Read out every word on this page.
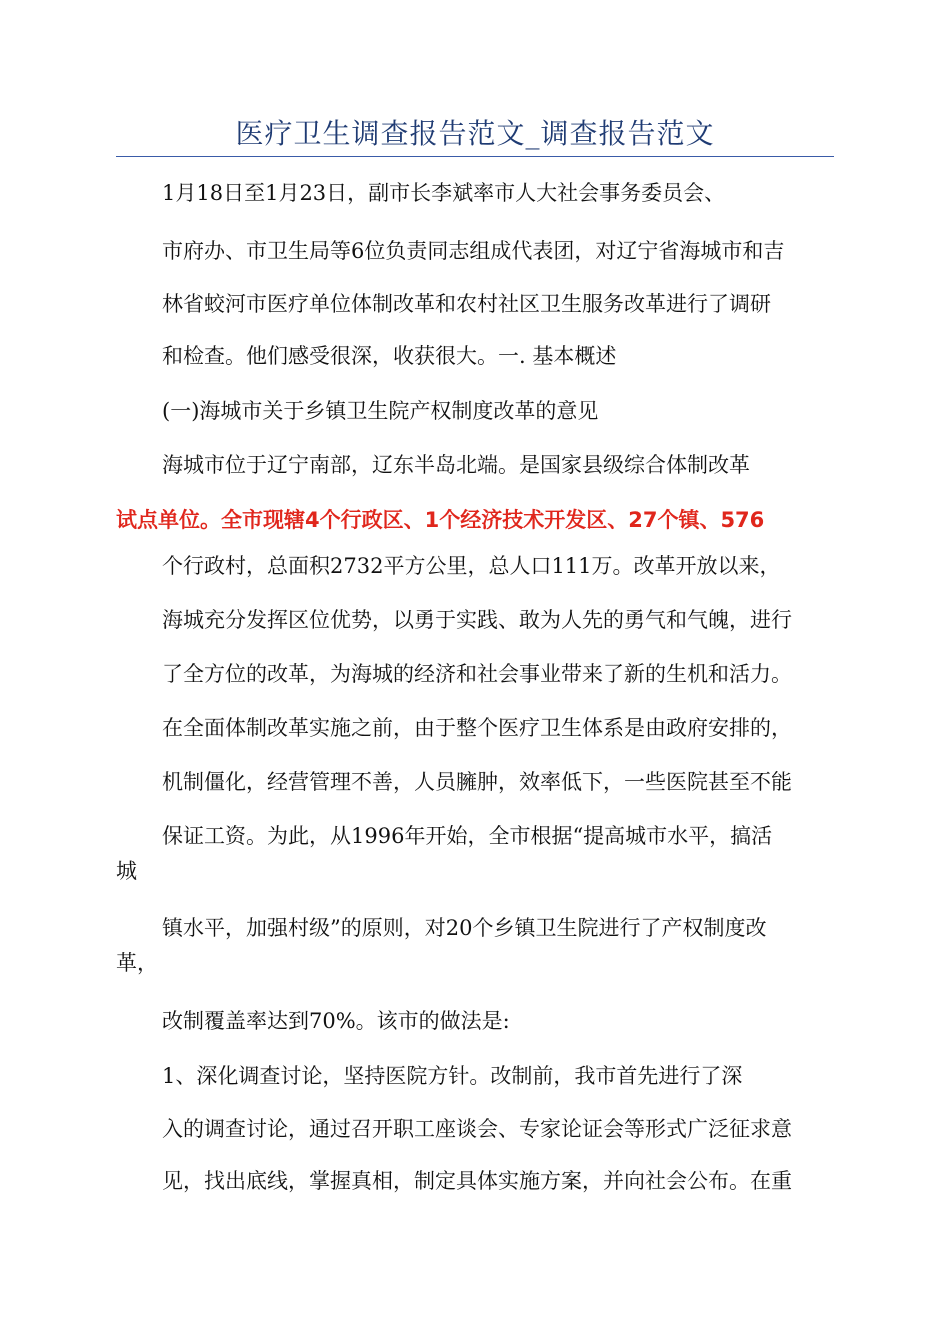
医疗卫生调查报告范文_调查报告范文
1月18日至1月23日，副市长李斌率市人大社会事务委员会、
市府办、市卫生局等6位负责同志组成代表团，对辽宁省海城市和吉
林省蛟河市医疗单位体制改革和农村社区卫生服务改革进行了调研
和检查。他们感受很深，收获很大。一. 基本概述
(一)海城市关于乡镇卫生院产权制度改革的意见
海城市位于辽宁南部，辽东半岛北端。是国家县级综合体制改革
试点单位。全市现辖4个行政区、1个经济技术开发区、27个镇、576
个行政村，总面积2732平方公里，总人口111万。改革开放以来，
海城充分发挥区位优势，以勇于实践、敢为人先的勇气和气魄，进行
了全方位的改革，为海城的经济和社会事业带来了新的生机和活力。
在全面体制改革实施之前，由于整个医疗卫生体系是由政府安排的，
机制僵化，经营管理不善，人员臃肿，效率低下，一些医院甚至不能
保证工资。为此，从1996年开始，全市根据“提高城市水平，搞活
城
镇水平，加强村级”的原则，对20个乡镇卫生院进行了产权制度改
革，
改制覆盖率达到70%。该市的做法是:
1、深化调查讨论，坚持医院方针。改制前，我市首先进行了深
入的调查讨论，通过召开职工座谈会、专家论证会等形式广泛征求意
见，找出底线，掌握真相，制定具体实施方案，并向社会公布。在重
